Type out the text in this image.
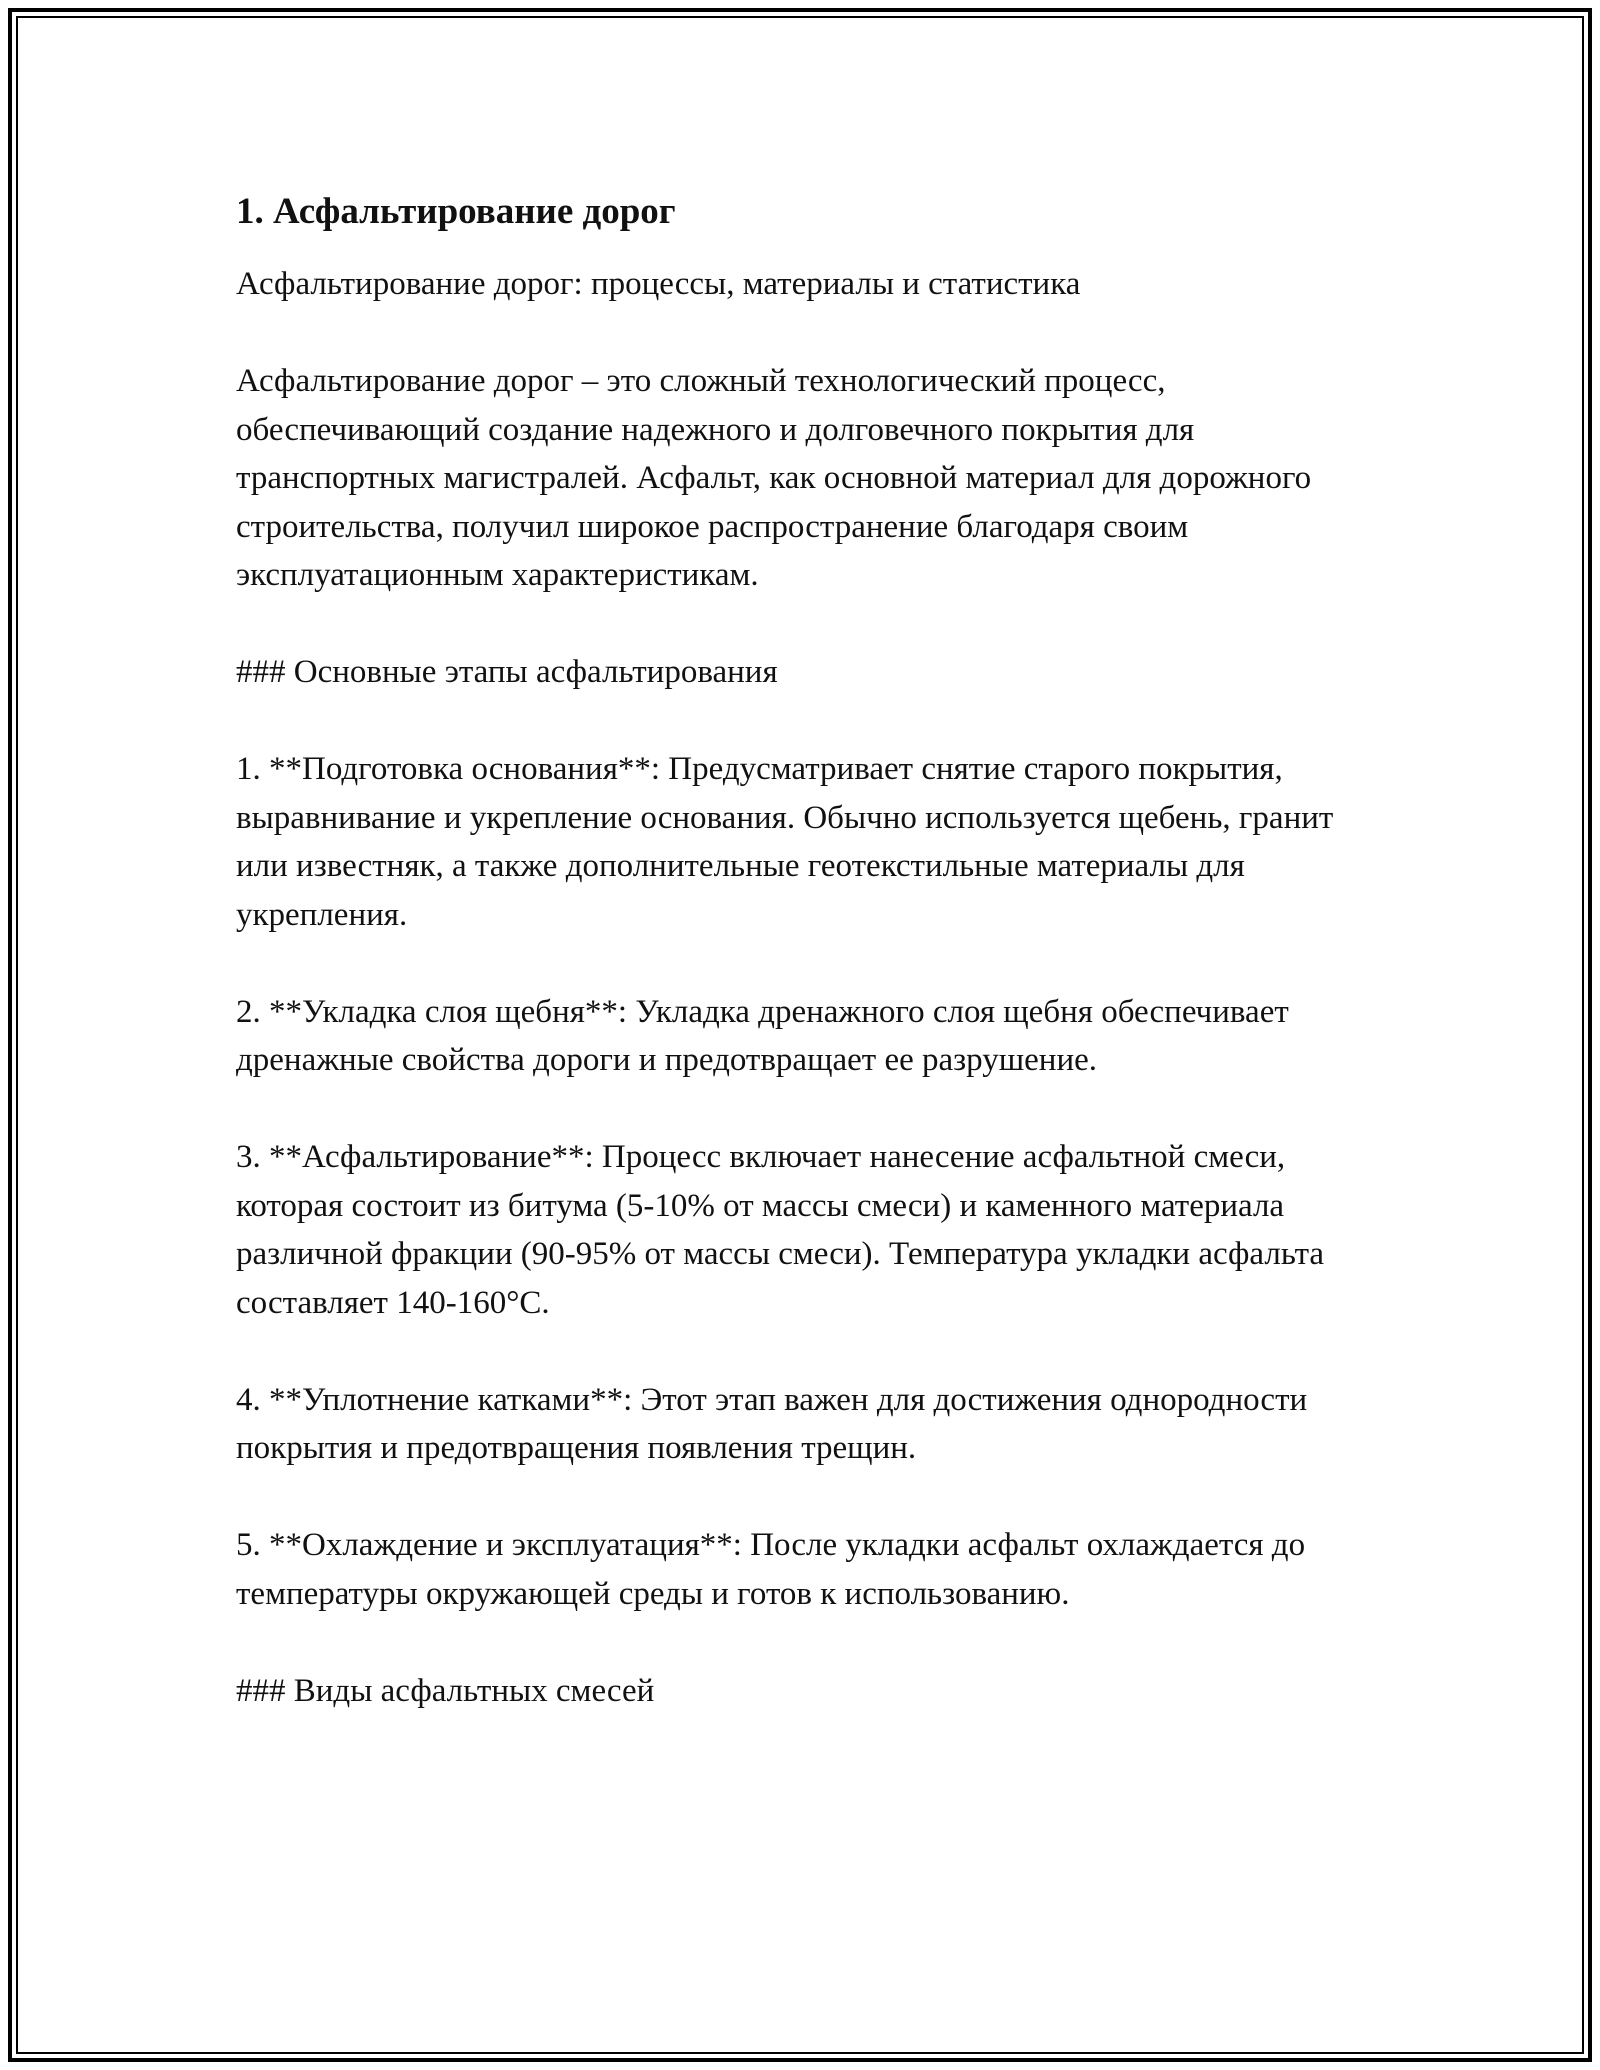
1. Асфальтирование дорог

Асфальтирование дорог: процессы, материалы и статистика

Асфальтирование дорог – это сложный технологический процесс, обеспечивающий создание надежного и долговечного покрытия для транспортных магистралей. Асфальт, как основной материал для дорожного строительства, получил широкое распространение благодаря своим эксплуатационным характеристикам.

### Основные этапы асфальтирования

1. **Подготовка основания**: Предусматривает снятие старого покрытия, выравнивание и укрепление основания. Обычно используется щебень, гранит или известняк, а также дополнительные геотекстильные материалы для укрепления.

2. **Укладка слоя щебня**: Укладка дренажного слоя щебня обеспечивает дренажные свойства дороги и предотвращает ее разрушение.

3. **Асфальтирование**: Процесс включает нанесение асфальтной смеси, которая состоит из битума (5-10% от массы смеси) и каменного материала различной фракции (90-95% от массы смеси). Температура укладки асфальта составляет 140-160°C.

4. **Уплотнение катками**: Этот этап важен для достижения однородности покрытия и предотвращения появления трещин.

5. **Охлаждение и эксплуатация**: После укладки асфальт охлаждается до температуры окружающей среды и готов к использованию.

### Виды асфальтных смесей
